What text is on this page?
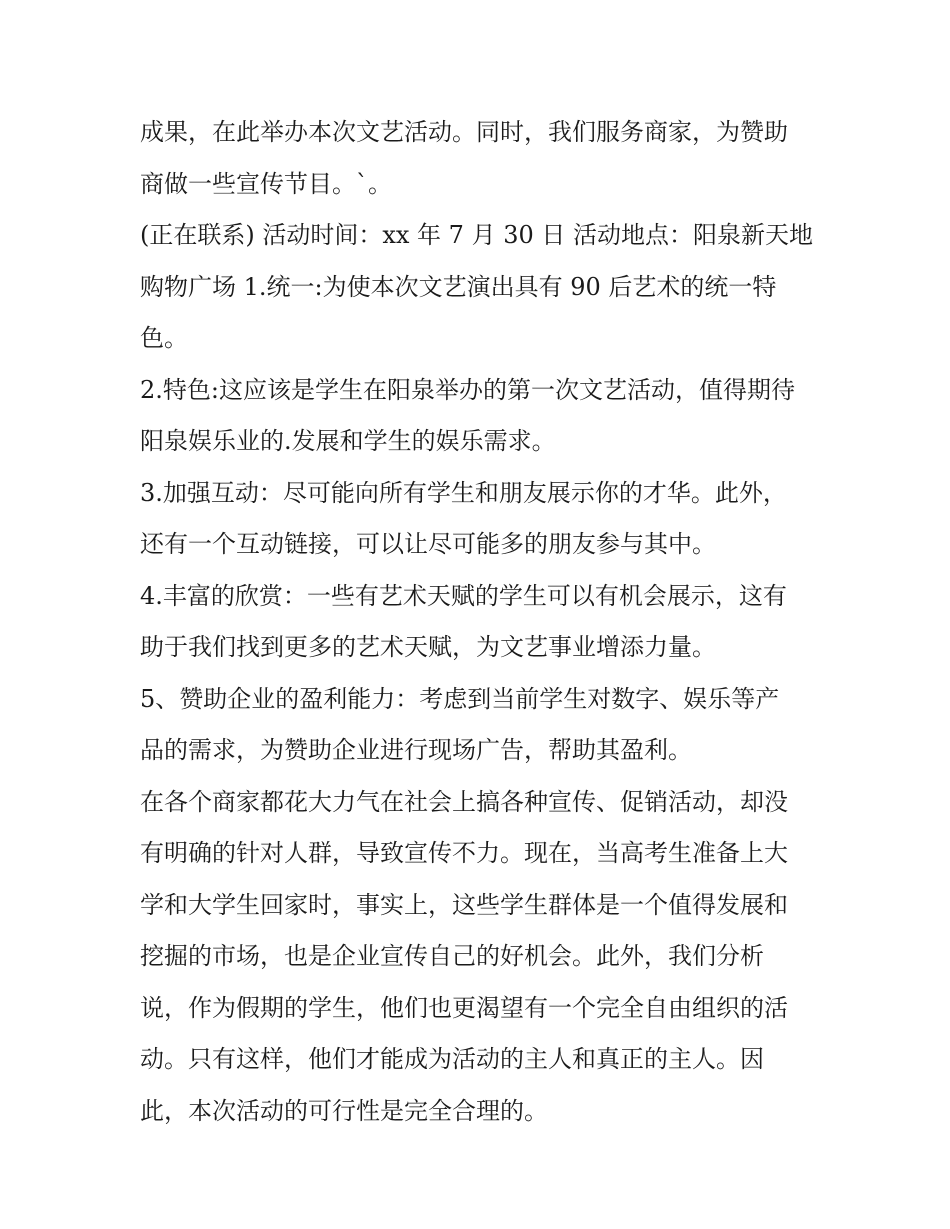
成果，在此举办本次文艺活动。同时，我们服务商家，为赞助
商做一些宣传节目。`。

(正在联系) 活动时间：xx 年 7 月 30 日 活动地点：阳泉新天地
购物广场 1.统一:为使本次文艺演出具有 90 后艺术的统一特
色。

2.特色:这应该是学生在阳泉举办的第一次文艺活动，值得期待
阳泉娱乐业的.发展和学生的娱乐需求。

3.加强互动：尽可能向所有学生和朋友展示你的才华。此外，
还有一个互动链接，可以让尽可能多的朋友参与其中。

4.丰富的欣赏：一些有艺术天赋的学生可以有机会展示，这有
助于我们找到更多的艺术天赋，为文艺事业增添力量。

5、赞助企业的盈利能力：考虑到当前学生对数字、娱乐等产
品的需求，为赞助企业进行现场广告，帮助其盈利。

在各个商家都花大力气在社会上搞各种宣传、促销活动，却没
有明确的针对人群，导致宣传不力。现在，当高考生准备上大
学和大学生回家时，事实上，这些学生群体是一个值得发展和
挖掘的市场，也是企业宣传自己的好机会。此外，我们分析
说，作为假期的学生，他们也更渴望有一个完全自由组织的活
动。只有这样，他们才能成为活动的主人和真正的主人。因
此，本次活动的可行性是完全合理的。
